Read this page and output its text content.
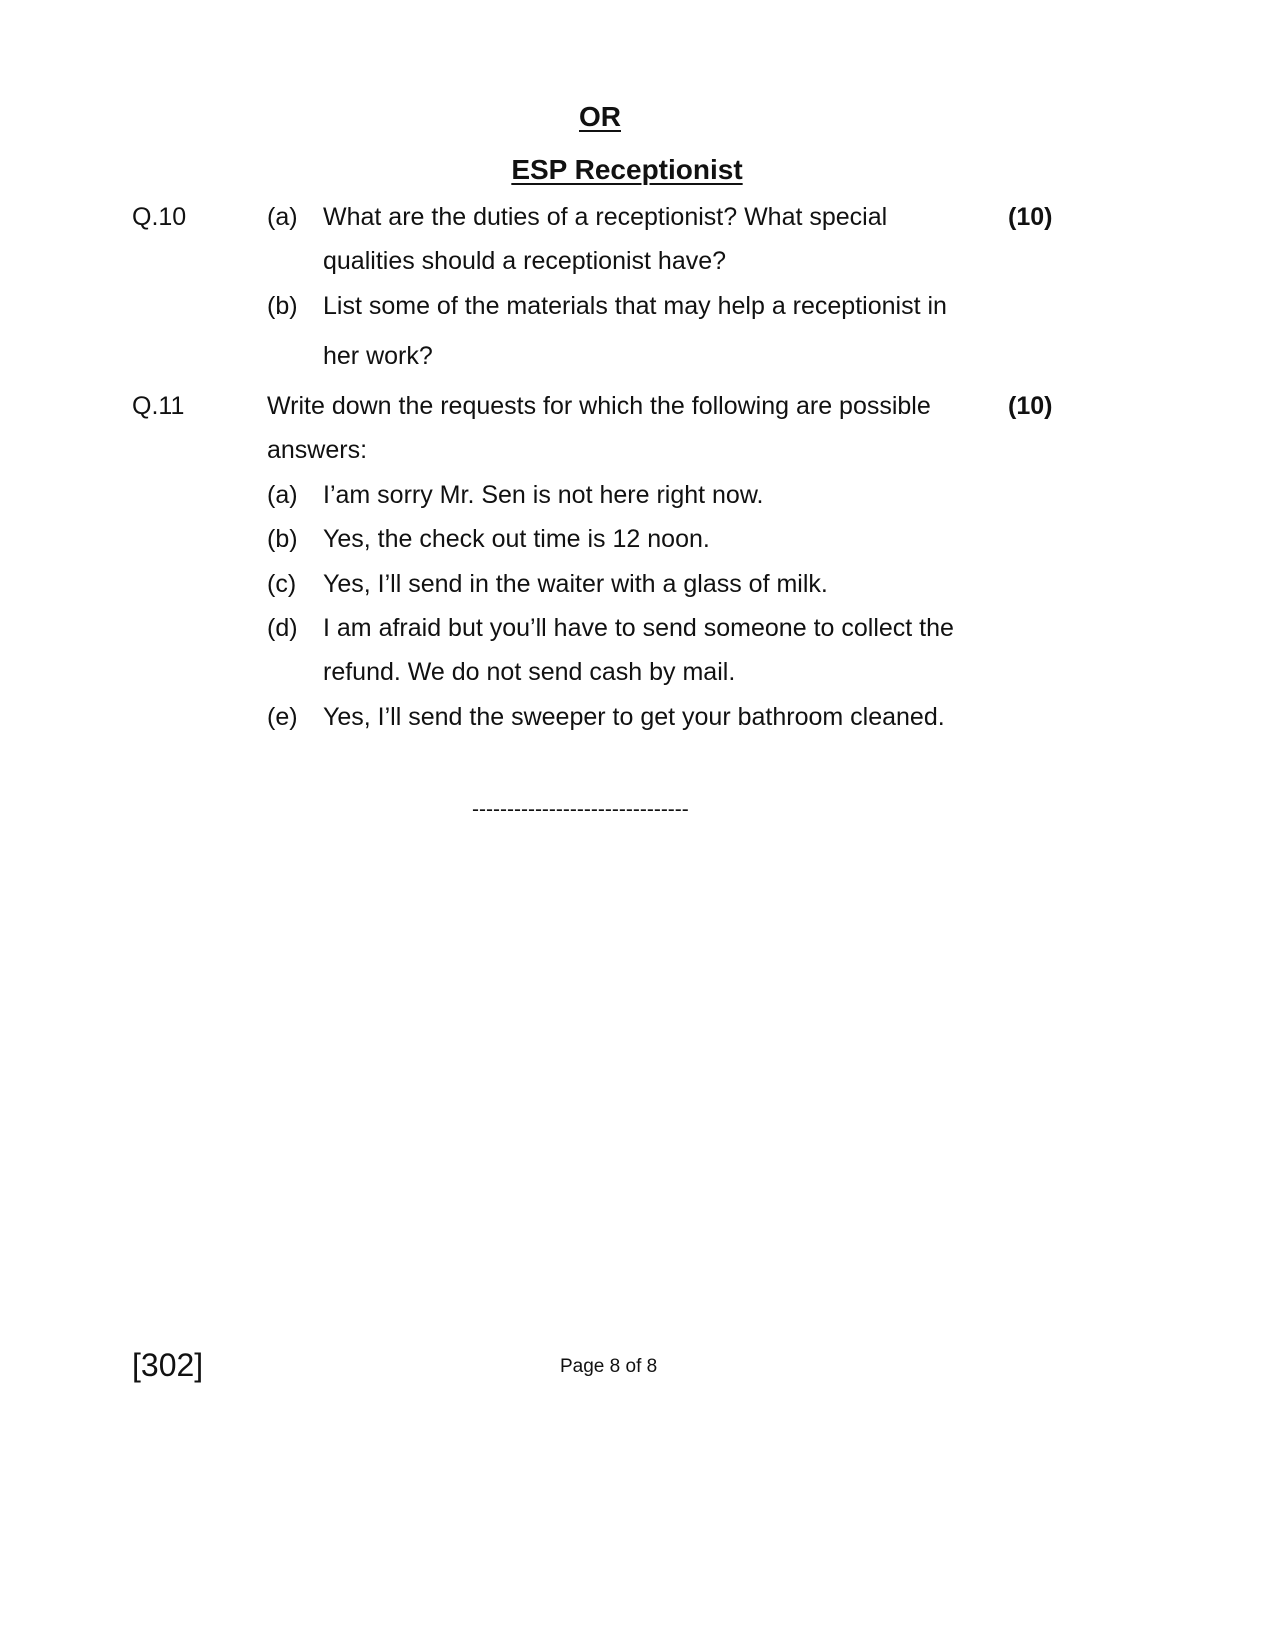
OR
ESP Receptionist
Q.10	(10)
(a) What are the duties of a receptionist? What special
qualities should a receptionist have?
(b) List some of the materials that may help a receptionist in
her work?
Q.11	(10)
Write down the requests for which the following are possible
answers:
(a) I’am sorry Mr. Sen is not here right now.
(b) Yes, the check out time is 12 noon.
(c) Yes, I’ll send in the waiter with a glass of milk.
(d) I am afraid but you’ll have to send someone to collect the
refund. We do not send cash by mail.
(e) Yes, I’ll send the sweeper to get your bathroom cleaned.
-------------------------------
[302]	Page 8 of 8
